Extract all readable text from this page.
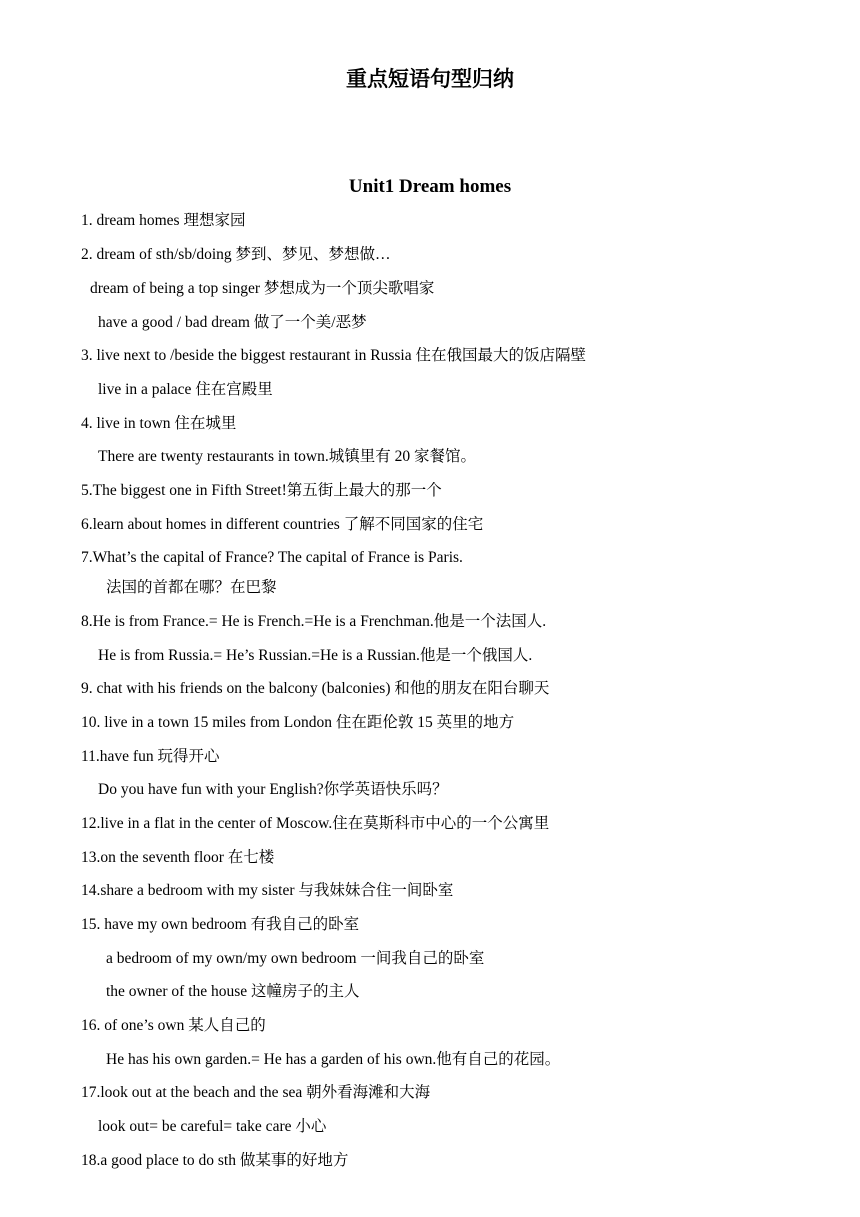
重点短语句型归纳
Unit1 Dream homes
1. dream homes 理想家园
2. dream of sth/sb/doing 梦到、梦见、梦想做…
dream of being a top singer 梦想成为一个顶尖歌唱家
have a good / bad dream 做了一个美/恶梦
3. live next to /beside the biggest restaurant in Russia 住在俄国最大的饭店隔壁
live in a palace 住在宫殿里
4. live in town 住在城里
There are twenty restaurants in town.城镇里有 20 家餐馆。
5.The biggest one in Fifth Street!第五街上最大的那一个
6.learn about homes in different countries 了解不同国家的住宅
7.What’s the capital of France? The capital of France is Paris.
法国的首都在哪？在巴黎
8.He is from France.= He is French.=He is a Frenchman.他是一个法国人.
He is from Russia.= He’s Russian.=He is a Russian.他是一个俄国人.
9. chat with his friends on the balcony (balconies) 和他的朋友在阳台聊天
10. live in a town 15 miles from London 住在距伦敦 15 英里的地方
11.have fun 玩得开心
Do you have fun with your English?你学英语快乐吗？
12.live in a flat in the center of Moscow.住在莫斯科市中心的一个公寓里
13.on the seventh floor 在七楼
14.share a bedroom with my sister 与我妹妹合住一间卧室
15. have my own bedroom 有我自己的卧室
a bedroom of my own/my own bedroom 一间我自己的卧室
the owner of the house 这幢房子的主人
16. of one’s own 某人自己的
He has his own garden.= He has a garden of his own.他有自己的花园。
17.look out at the beach and the sea 朝外看海滩和大海
look out= be careful= take care 小心
18.a good place to do sth 做某事的好地方
